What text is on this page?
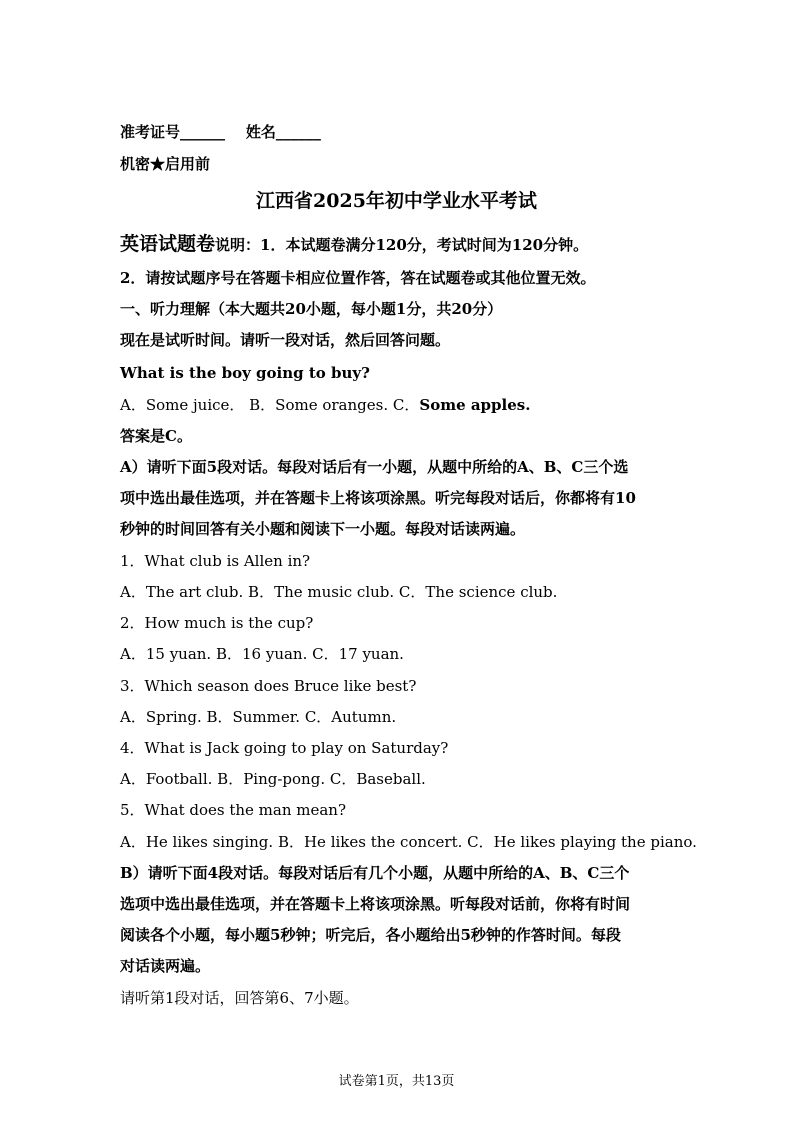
准考证号______ 姓名______
机密★启用前
江西省2025年初中学业水平考试
英语试题卷说明：1．本试题卷满分120分，考试时间为120分钟。
2．请按试题序号在答题卡相应位置作答，答在试题卷或其他位置无效。
一、听力理解（本大题共20小题，每小题1分，共20分）
现在是试听时间。请听一段对话，然后回答问题。
What is the boy going to buy?
A．Some juice． B．Some oranges. C．Some apples.
答案是C。
A）请听下面5段对话。每段对话后有一小题，从题中所给的A、B、C三个选
项中选出最佳选项，并在答题卡上将该项涂黑。听完每段对话后，你都将有10
秒钟的时间回答有关小题和阅读下一小题。每段对话读两遍。
1．What club is Allen in?
A．The art club. B．The music club. C．The science club.
2．How much is the cup?
A．15 yuan. B．16 yuan. C．17 yuan.
3．Which season does Bruce like best?
A．Spring. B．Summer. C．Autumn.
4．What is Jack going to play on Saturday?
A．Football. B．Ping-pong. C．Baseball.
5．What does the man mean?
A．He likes singing. B．He likes the concert. C．He likes playing the piano.
B）请听下面4段对话。每段对话后有几个小题，从题中所给的A、B、C三个
选项中选出最佳选项，并在答题卡上将该项涂黑。听每段对话前，你将有时间
阅读各个小题，每小题5秒钟；听完后，各小题给出5秒钟的作答时间。每段
对话读两遍。
请听第1段对话，回答第6、7小题。
试卷第1页，共13页
